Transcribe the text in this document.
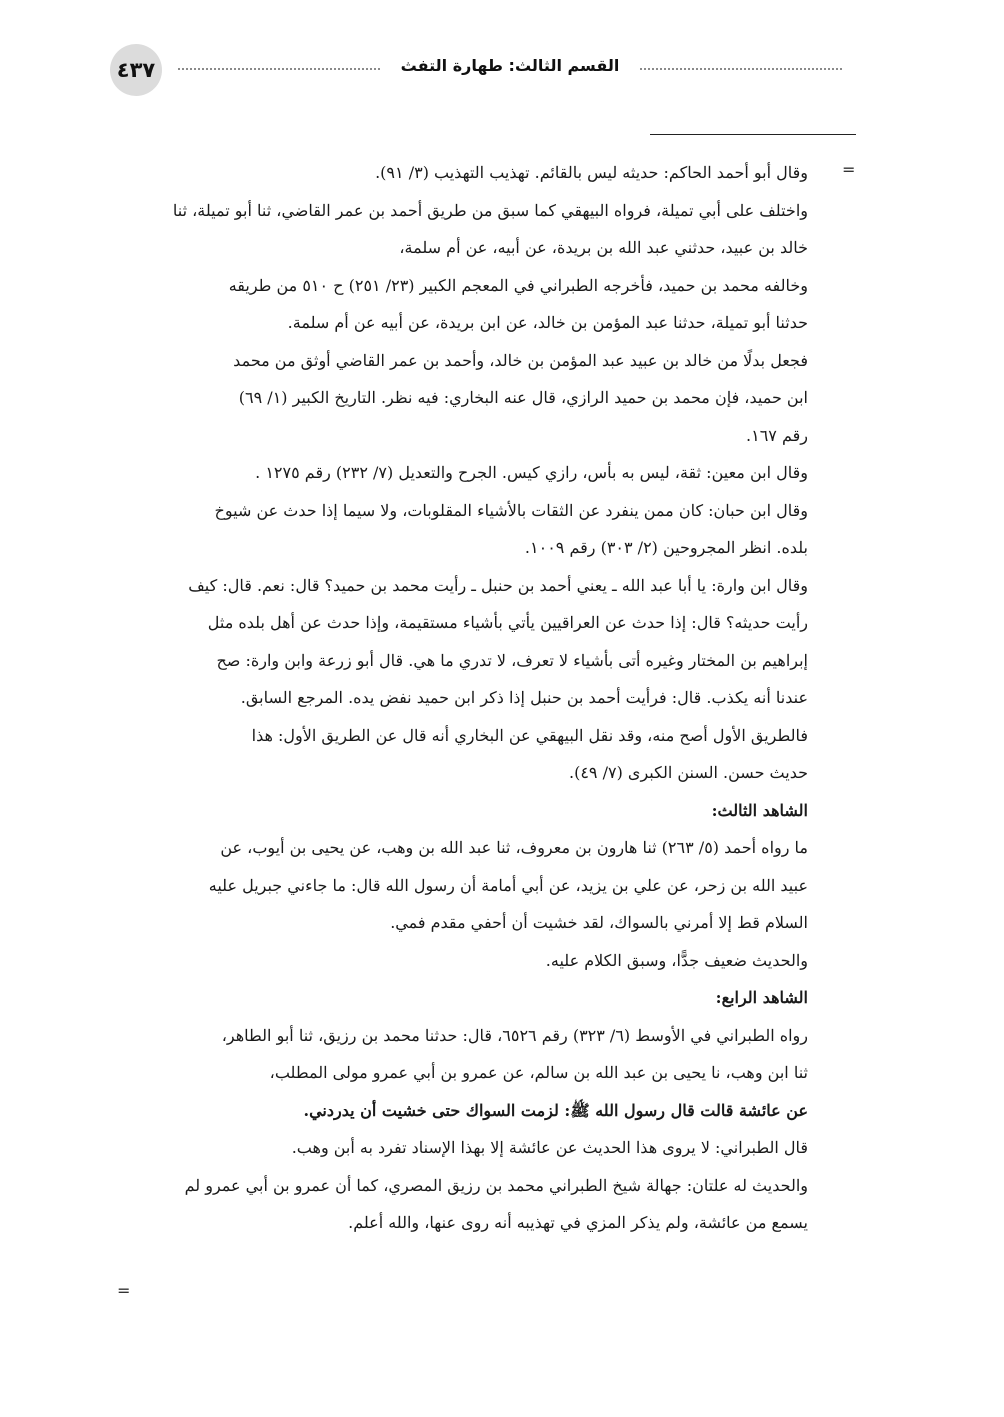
٤٣٧	القسم الثالث: طهارة التفث
=
وقال أبو أحمد الحاكم: حديثه ليس بالقائم. تهذيب التهذيب (٣/ ٩١).
واختلف على أبي تميلة، فرواه البيهقي كما سبق من طريق أحمد بن عمر القاضي، ثنا أبو تميلة، ثنا
خالد بن عبيد، حدثني عبد الله بن بريدة، عن أبيه، عن أم سلمة،
وخالفه محمد بن حميد، فأخرجه الطبراني في المعجم الكبير (٢٣/ ٢٥١) ح ٥١٠ من طريقه
حدثنا أبو تميلة، حدثنا عبد المؤمن بن خالد، عن ابن بريدة، عن أبيه عن أم سلمة.
فجعل بدلًا من خالد بن عبيد عبد المؤمن بن خالد، وأحمد بن عمر القاضي أوثق من محمد
ابن حميد، فإن محمد بن حميد الرازي، قال عنه البخاري: فيه نظر. التاريخ الكبير (١/ ٦٩)
رقم ١٦٧.
وقال ابن معين: ثقة، ليس به بأس، رازي كيس. الجرح والتعديل (٧/ ٢٣٢) رقم ١٢٧٥ .
وقال ابن حبان: كان ممن ينفرد عن الثقات بالأشياء المقلوبات، ولا سيما إذا حدث عن شيوخ
بلده. انظر المجروحين (٢/ ٣٠٣) رقم ١٠٠٩.
وقال ابن وارة: يا أبا عبد الله ـ يعني أحمد بن حنبل ـ رأيت محمد بن حميد؟ قال: نعم. قال: كيف
رأيت حديثه؟ قال: إذا حدث عن العراقيين يأتي بأشياء مستقيمة، وإذا حدث عن أهل بلده مثل
إبراهيم بن المختار وغيره أتى بأشياء لا تعرف، لا تدري ما هي. قال أبو زرعة وابن وارة: صح
عندنا أنه يكذب. قال: فرأيت أحمد بن حنبل إذا ذكر ابن حميد نفض يده. المرجع السابق.
فالطريق الأول أصح منه، وقد نقل البيهقي عن البخاري أنه قال عن الطريق الأول: هذا
حديث حسن. السنن الكبرى (٧/ ٤٩).
الشاهد الثالث:
ما رواه أحمد (٥/ ٢٦٣) ثنا هارون بن معروف، ثنا عبد الله بن وهب، عن يحيى بن أيوب، عن
عبيد الله بن زحر، عن علي بن يزيد، عن أبي أمامة أن رسول الله قال: ما جاءني جبريل عليه
السلام قط إلا أمرني بالسواك، لقد خشيت أن أحفي مقدم فمي.
والحديث ضعيف جدًّا، وسبق الكلام عليه.
الشاهد الرابع:
رواه الطبراني في الأوسط (٦/ ٣٢٣) رقم ٦٥٢٦، قال: حدثنا محمد بن رزيق، ثنا أبو الطاهر،
ثنا ابن وهب، نا يحيى بن عبد الله بن سالم، عن عمرو بن أبي عمرو مولى المطلب،
عن عائشة قالت قال رسول الله ﷺ: لزمت السواك حتى خشيت أن يدردني.
قال الطبراني: لا يروى هذا الحديث عن عائشة إلا بهذا الإسناد تفرد به أبن وهب.
والحديث له علتان: جهالة شيخ الطبراني محمد بن رزيق المصري، كما أن عمرو بن أبي عمرو لم
يسمع من عائشة، ولم يذكر المزي في تهذيبه أنه روى عنها، والله أعلم.
=
